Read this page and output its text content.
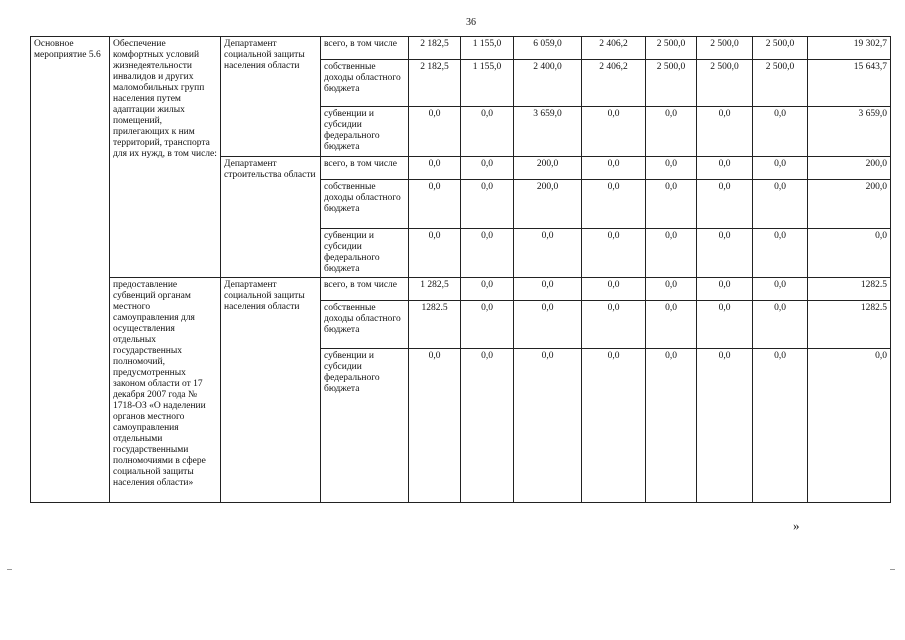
36
Основное мероприятие 5.6	Обеспечение комфортных условий жизнедеятельности инвалидов и других маломобильных групп населения путем адаптации жилых помещений, прилегающих к ним территорий, транспорта для их нужд, в том числе:	Департамент социальной защиты населения области	всего, в том числе	2 182,5	1 155,0	6 059,0	2 406,2	2 500,0	2 500,0	2 500,0	19 302,7
			собственные доходы областного бюджета	2 182,5	1 155,0	2 400,0	2 406,2	2 500,0	2 500,0	2 500,0	15 643,7
			субвенции и субсидии федерального бюджета	0,0	0,0	3 659,0	0,0	0,0	0,0	0,0	3 659,0
		Департамент строительства области	всего, в том числе	0,0	0,0	200,0	0,0	0,0	0,0	0,0	200,0
			собственные доходы областного бюджета	0,0	0,0	200,0	0,0	0,0	0,0	0,0	200,0
			субвенции и субсидии федерального бюджета	0,0	0,0	0,0	0,0	0,0	0,0	0,0	0,0
	предоставление субвенций органам местного самоуправления для осуществления отдельных государственных полномочий, предусмотренных законом области от 17 декабря 2007 года № 1718-ОЗ «О наделении органов местного самоуправления отдельными государственными полномочиями в сфере социальной защиты населения области»	Департамент социальной защиты населения области	всего, в том числе	1 282,5	0,0	0,0	0,0	0,0	0,0	0,0	1282.5
			собственные доходы областного бюджета	1282.5	0,0	0,0	0,0	0,0	0,0	0,0	1282.5
			субвенции и субсидии федерального бюджета	0,0	0,0	0,0	0,0	0,0	0,0	0,0	0,0
»
